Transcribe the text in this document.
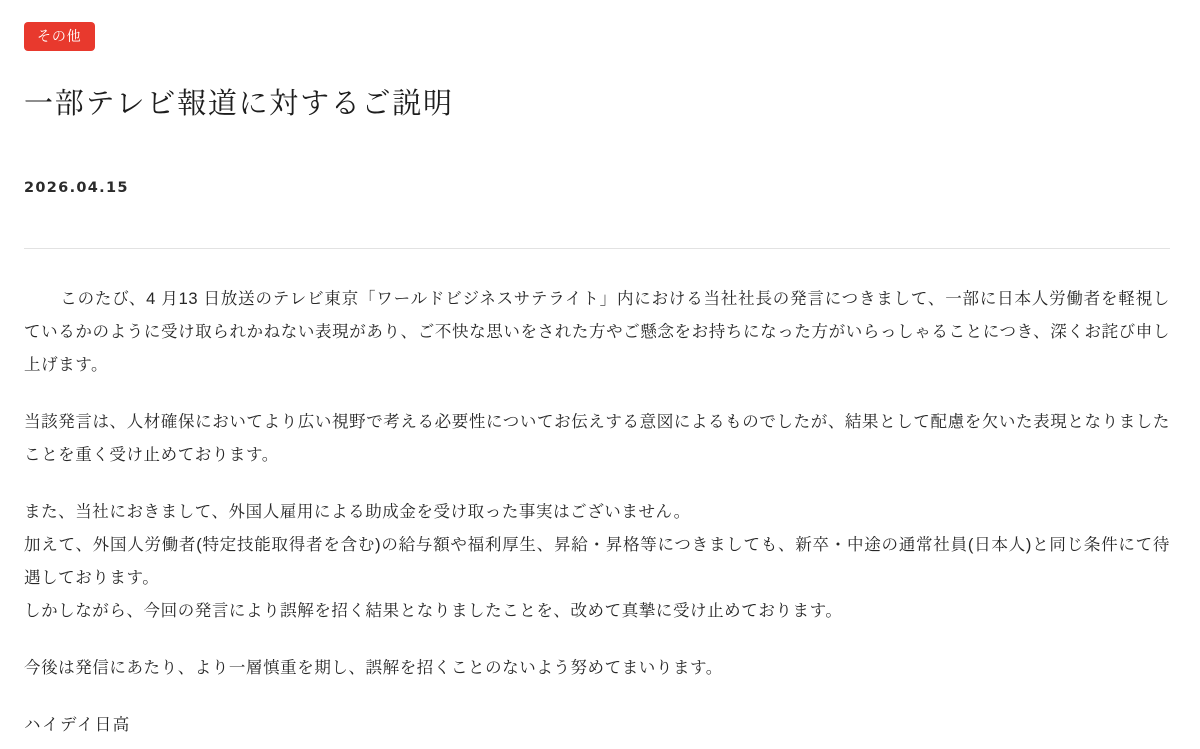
その他
一部テレビ報道に対するご説明
2026.04.15

このたび、4 月13 日放送のテレビ東京「ワールドビジネスサテライト」内における当社社長の発言につきまして、一部に日本人労働者を軽視しているかのように受け取られかねない表現があり、ご不快な思いをされた方やご懸念をお持ちになった方がいらっしゃることにつき、深くお詫び申し上げます。

当該発言は、人材確保においてより広い視野で考える必要性についてお伝えする意図によるものでしたが、結果として配慮を欠いた表現となりましたことを重く受け止めております。

また、当社におきまして、外国人雇用による助成金を受け取った事実はございません。

加えて、外国人労働者(特定技能取得者を含む)の給与額や福利厚生、昇給・昇格等につきましても、新卒・中途の通常社員(日本人)と同じ条件にて待遇しております。

しかしながら、今回の発言により誤解を招く結果となりましたことを、改めて真摯に受け止めております。

今後は発信にあたり、より一層慎重を期し、誤解を招くことのないよう努めてまいります。

ハイデイ日高
